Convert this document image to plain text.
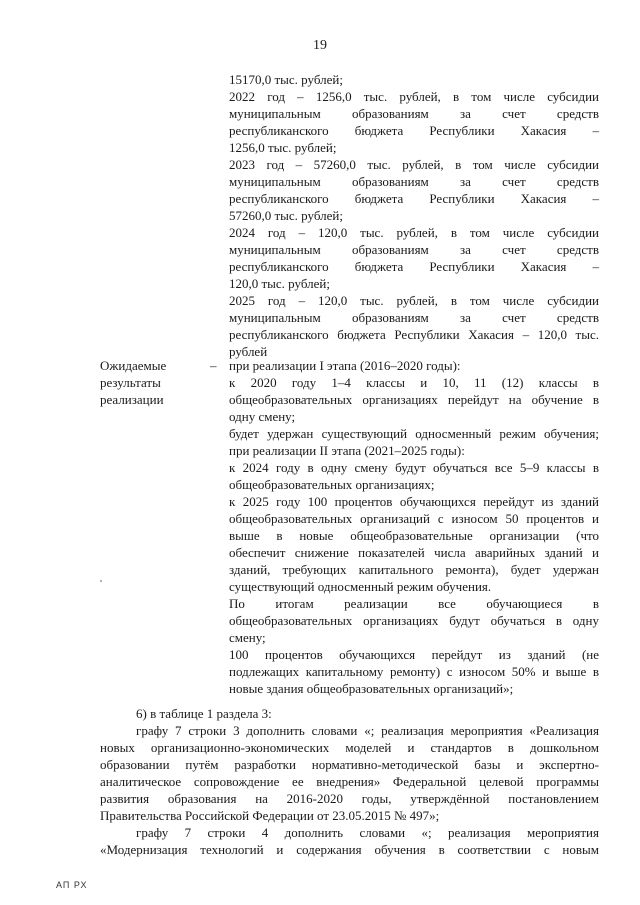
19

15170,0 тыс. рублей;

2022 год – 1256,0 тыс. рублей, в том числе субсидии

муниципальным образованиям за счет средств

республиканского бюджета Республики Хакасия –

1256,0 тыс. рублей;

2023 год – 57260,0 тыс. рублей, в том числе субсидии

муниципальным образованиям за счет средств

республиканского бюджета Республики Хакасия –

57260,0 тыс. рублей;

2024 год – 120,0 тыс. рублей, в том числе субсидии

муниципальным образованиям за счет средств

республиканского бюджета Республики Хакасия –

120,0 тыс. рублей;

2025 год – 120,0 тыс. рублей, в том числе субсидии

муниципальным образованиям за счет средств

республиканского бюджета Республики Хакасия – 120,0 тыс.

рублей

Ожидаемые
результаты
реализации
– при реализации I этапа (2016–2020 годы):

к 2020 году 1–4 классы и 10, 11 (12) классы в

общеобразовательных организациях перейдут на обучение в

одну смену;

будет удержан существующий односменный режим обучения;

при реализации II этапа (2021–2025 годы):

к 2024 году в одну смену будут обучаться все 5–9 классы в

общеобразовательных организациях;

к 2025 году 100 процентов обучающихся перейдут из зданий

общеобразовательных организаций с износом 50 процентов и

выше в новые общеобразовательные организации (что

обеспечит снижение показателей числа аварийных зданий и

зданий, требующих капитального ремонта), будет удержан

существующий односменный режим обучения.

По итогам реализации все обучающиеся в

общеобразовательных организациях будут обучаться в одну

смену;

100 процентов обучающихся перейдут из зданий (не

подлежащих капитальному ремонту) с износом 50% и выше в

новые здания общеобразовательных организаций»;

6) в таблице 1 раздела 3:

графу 7 строки 3 дополнить словами «; реализация мероприятия «Реализация

новых организационно-экономических моделей и стандартов в дошкольном

образовании путём разработки нормативно-методической базы и экспертно-

аналитическое сопровождение ее внедрения» Федеральной целевой программы

развития образования на 2016-2020 годы, утверждённой постановлением

Правительства Российской Федерации от 23.05.2015 № 497»;

графу 7 строки 4 дополнить словами «; реализация мероприятия

«Модернизация технологий и содержания обучения в соответствии с новым

АП РХ
